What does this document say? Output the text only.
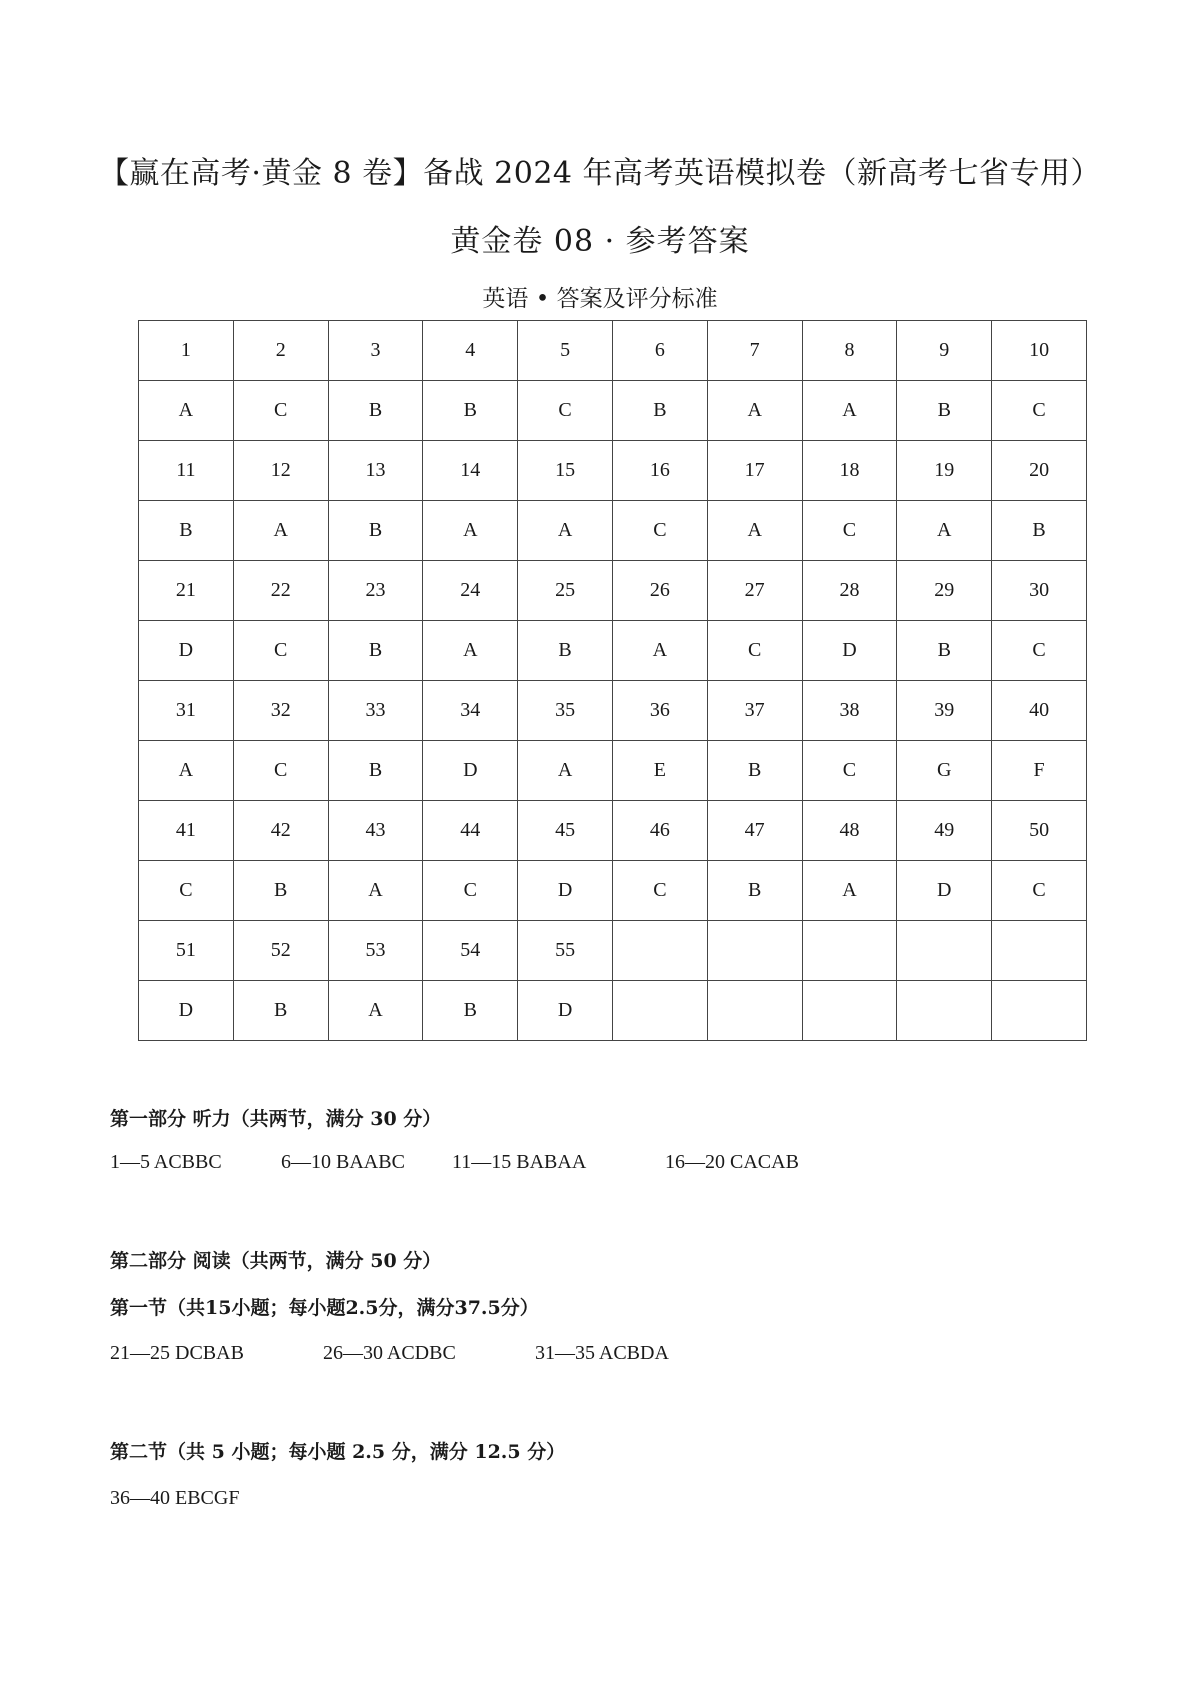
【赢在高考·黄金 8 卷】备战 2024 年高考英语模拟卷（新高考七省专用）
黄金卷 08 · 参考答案
英语 • 答案及评分标准
1	2	3	4	5	6	7	8	9	10
A	C	B	B	C	B	A	A	B	C
11	12	13	14	15	16	17	18	19	20
B	A	B	A	A	C	A	C	A	B
21	22	23	24	25	26	27	28	29	30
D	C	B	A	B	A	C	D	B	C
31	32	33	34	35	36	37	38	39	40
A	C	B	D	A	E	B	C	G	F
41	42	43	44	45	46	47	48	49	50
C	B	A	C	D	C	B	A	D	C
51	52	53	54	55					
D	B	A	B	D					
第一部分 听力（共两节，满分 30 分）
1—5 ACBBC	6—10 BAABC 11—15 BABAA	16—20 CACAB
第二部分 阅读（共两节，满分 50 分）
第一节（共15小题；每小题2.5分，满分37.5分）
21—25 DCBAB	26—30 ACDBC	31—35 ACBDA
第二节（共 5 小题；每小题 2.5 分，满分 12.5 分）
36—40 EBCGF
